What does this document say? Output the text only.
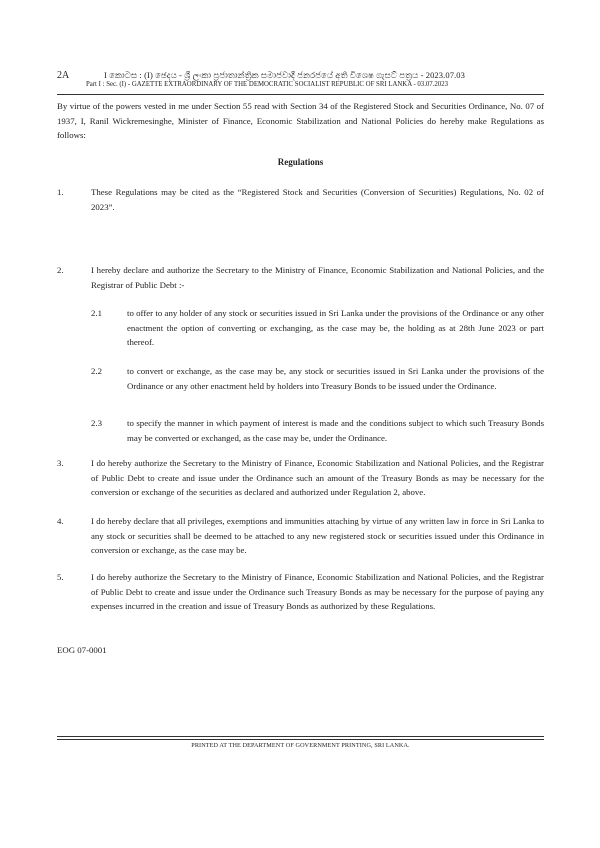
2A	I කොටස : (I) ඡෙදය - ශ්‍රී ලංකා ප්‍රජාතාන්ත්‍රික සමාජවාදී ජනරජයේ අති විශෙෂ ගැසට් පත්‍රය - 2023.07.03
Part I : Sec. (I) - GAZETTE EXTRAORDINARY OF THE DEMOCRATIC SOCIALIST REPUBLIC OF SRI LANKA - 03.07.2023
By virtue of the powers vested in me under Section 55 read with Section 34 of the Registered Stock and Securities Ordinance, No. 07 of 1937, I, Ranil Wickremesinghe, Minister of Finance, Economic Stabilization and National Policies do hereby make Regulations as follows:
Regulations
1.	These Regulations may be cited as the “Registered Stock and Securities (Conversion of Securities) Regulations, No. 02 of 2023”.
2.	I hereby declare and authorize the Secretary to the Ministry of Finance, Economic Stabilization and National Policies, and the Registrar of Public Debt :-
2.1	to offer to any holder of any stock or securities issued in Sri Lanka under the provisions of the Ordinance or any other enactment the option of converting or exchanging, as the case may be, the holding as at 28th June 2023 or part thereof.
2.2	to convert or exchange, as the case may be, any stock or securities issued in Sri Lanka under the provisions of the Ordinance or any other enactment held by holders into Treasury Bonds to be issued under the Ordinance.
2.3	to specify the manner in which payment of interest is made and the conditions subject to which such Treasury Bonds may be converted or exchanged, as the case may be, under the Ordinance.
3.	I do hereby authorize the Secretary to the Ministry of Finance, Economic Stabilization and National Policies, and the Registrar of Public Debt to create and issue under the Ordinance such an amount of the Treasury Bonds as may be necessary for the conversion or exchange of the securities as declared and authorized under Regulation 2, above.
4.	I do hereby declare that all privileges, exemptions and immunities attaching by virtue of any written law in force in Sri Lanka to any stock or securities shall be deemed to be attached to any new registered stock or securities issued under this Ordinance in conversion or exchange, as the case may be.
5.	I do hereby authorize the Secretary to the Ministry of Finance, Economic Stabilization and National Policies, and the Registrar of Public Debt to create and issue under the Ordinance such Treasury Bonds as may be necessary for the purpose of paying any expenses incurred in the creation and issue of Treasury Bonds as authorized by these Regulations.
EOG 07-0001
PRINTED AT THE DEPARTMENT OF GOVERNMENT PRINTING, SRI LANKA.
